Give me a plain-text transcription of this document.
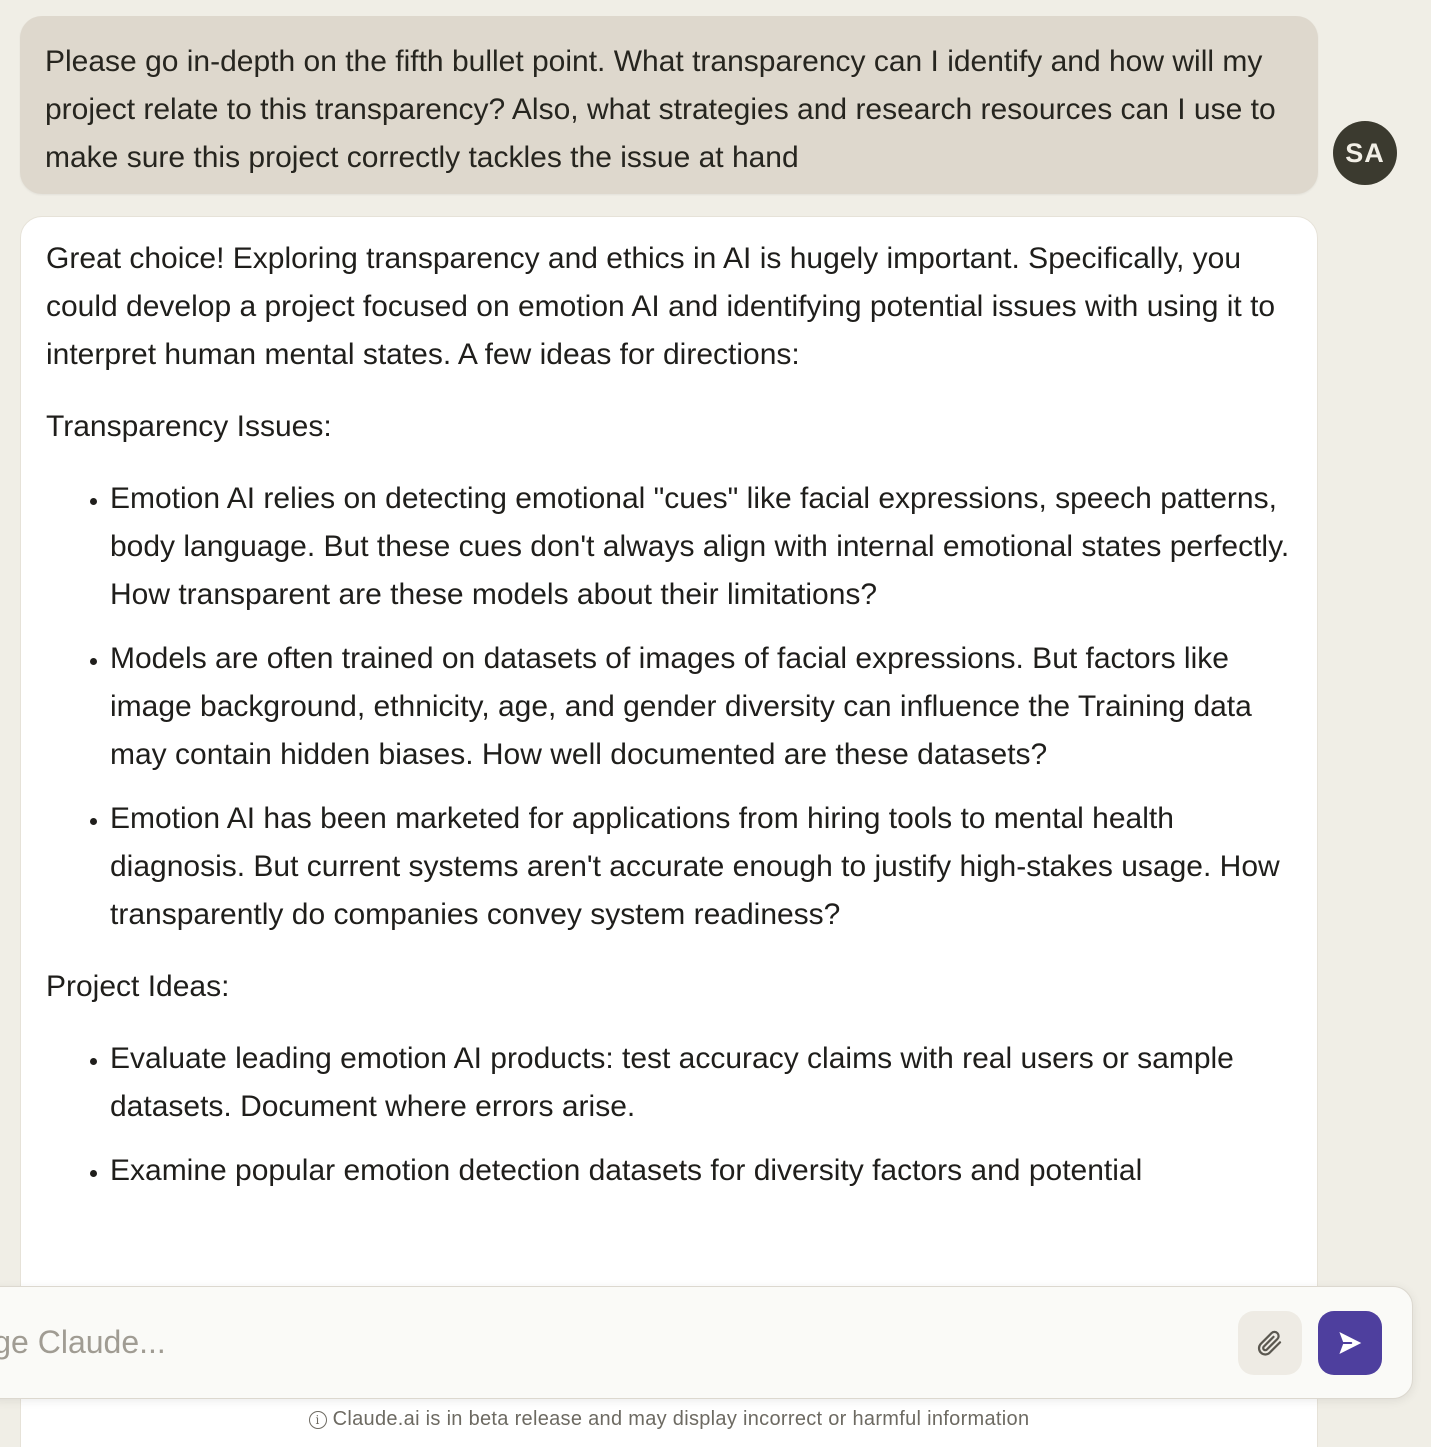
Please go in-depth on the fifth bullet point. What transparency can I identify and how will my project relate to this transparency? Also, what strategies and research resources can I use to make sure this project correctly tackles the issue at hand	SA

Great choice! Exploring transparency and ethics in AI is hugely important. Specifically, you could develop a project focused on emotion AI and identifying potential issues with using it to interpret human mental states. A few ideas for directions:

Transparency Issues:

• Emotion AI relies on detecting emotional "cues" like facial expressions, speech patterns, body language. But these cues don't always align with internal emotional states perfectly. How transparent are these models about their limitations?
• Models are often trained on datasets of images of facial expressions. But factors like image background, ethnicity, age, and gender diversity can influence the Training data may contain hidden biases. How well documented are these datasets?
• Emotion AI has been marketed for applications from hiring tools to mental health diagnosis. But current systems aren't accurate enough to justify high-stakes usage. How transparently do companies convey system readiness?

Project Ideas:

• Evaluate leading emotion AI products: test accuracy claims with real users or sample datasets. Document where errors arise.
• Examine popular emotion detection datasets for diversity factors and potential
Message Claude...
i Claude.ai is in beta release and may display incorrect or harmful information
